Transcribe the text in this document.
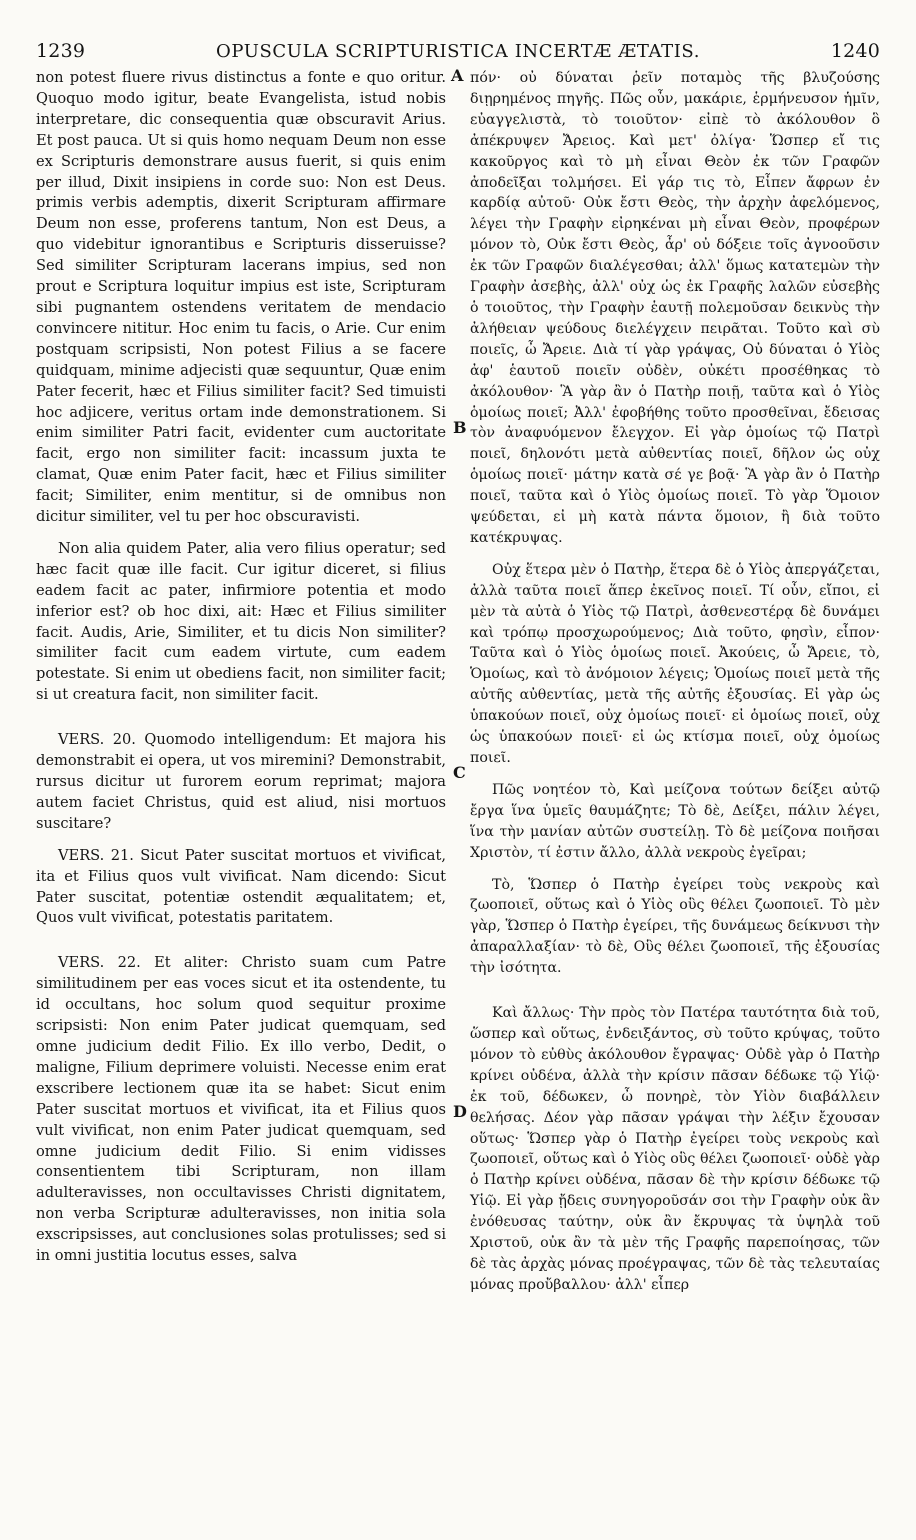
1239	OPUSCULA SCRIPTURISTICA INCERTÆ ÆTATIS.	1240
A
B
C
D

non potest fluere rivus distinctus a fonte e quo oritur. Quoquo modo igitur, beate Evangelista, istud nobis interpretare, dic consequentia quæ obscuravit Arius. Et post pauca. Ut si quis homo nequam Deum non esse ex Scripturis demonstrare ausus fuerit, si quis enim per illud, Dixit insipiens in corde suo: Non est Deus. primis verbis ademptis, dixerit Scripturam affirmare Deum non esse, proferens tantum, Non est Deus, a quo videbitur ignorantibus e Scripturis disseruisse? Sed similiter Scripturam lacerans impius, sed non prout e Scriptura loquitur impius est iste, Scripturam sibi pugnantem ostendens veritatem de mendacio convincere nititur. Hoc enim tu facis, o Arie. Cur enim postquam scripsisti, Non potest Filius a se facere quidquam, minime adjecisti quæ sequuntur, Quæ enim Pater fecerit, hæc et Filius similiter facit? Sed timuisti hoc adjicere, veritus ortam inde demonstrationem. Si enim similiter Patri facit, evidenter cum auctoritate facit, ergo non similiter facit: incassum juxta te clamat, Quæ enim Pater facit, hæc et Filius similiter facit; Similiter, enim mentitur, si de omnibus non dicitur similiter, vel tu per hoc obscuravisti.

Non alia quidem Pater, alia vero filius operatur; sed hæc facit quæ ille facit. Cur igitur diceret, si filius eadem facit ac pater, infirmiore potentia et modo inferior est? ob hoc dixi, ait: Hæc et Filius similiter facit. Audis, Arie, Similiter, et tu dicis Non similiter? similiter facit cum eadem virtute, cum eadem potestate. Si enim ut obediens facit, non similiter facit; si ut creatura facit, non similiter facit.

VERS. 20. Quomodo intelligendum: Et majora his demonstrabit ei opera, ut vos miremini? Demonstrabit, rursus dicitur ut furorem eorum reprimat; majora autem faciet Christus, quid est aliud, nisi mortuos suscitare?

VERS. 21. Sicut Pater suscitat mortuos et vivificat, ita et Filius quos vult vivificat. Nam dicendo: Sicut Pater suscitat, potentiæ ostendit æqualitatem; et, Quos vult vivificat, potestatis paritatem.

VERS. 22. Et aliter: Christo suam cum Patre similitudinem per eas voces sicut et ita ostendente, tu id occultans, hoc solum quod sequitur proxime scripsisti: Non enim Pater judicat quemquam, sed omne judicium dedit Filio. Ex illo verbo, Dedit, o maligne, Filium deprimere voluisti. Necesse enim erat exscribere lectionem quæ ita se habet: Sicut enim Pater suscitat mortuos et vivificat, ita et Filius quos vult vivificat, non enim Pater judicat quemquam, sed omne judicium dedit Filio. Si enim vidisses consentientem tibi Scripturam, non illam adulteravisses, non occultavisses Christi dignitatem, non verba Scripturæ adulteravisses, non initia sola exscripsisses, aut conclusiones solas protulisses; sed si in omni justitia locutus esses, salva

πόν· οὐ δύναται ῥεῖν ποταμὸς τῆς βλυζούσης διῃρημένος πηγῆς. Πῶς οὖν, μακάριε, ἑρμήνευσον ἡμῖν, εὐαγγελιστὰ, τὸ τοιοῦτον· εἰπὲ τὸ ἀκόλουθον ὃ ἀπέκρυψεν Ἄρειος. Καὶ μετ' ὀλίγα· Ὥσπερ εἴ τις κακοῦργος καὶ τὸ μὴ εἶναι Θεὸν ἐκ τῶν Γραφῶν ἀποδεῖξαι τολμήσει. Εἰ γάρ τις τὸ, Εἶπεν ἄφρων ἐν καρδίᾳ αὐτοῦ· Οὐκ ἔστι Θεὸς, τὴν ἀρχὴν ἀφελόμενος, λέγει τὴν Γραφὴν εἰρηκέναι μὴ εἶναι Θεὸν, προφέρων μόνον τὸ, Οὐκ ἔστι Θεὸς, ἆρ' οὐ δόξειε τοῖς ἀγνοοῦσιν ἐκ τῶν Γραφῶν διαλέγεσθαι; ἀλλ' ὅμως κατατεμὼν τὴν Γραφὴν ἀσεβὴς, ἀλλ' οὐχ ὡς ἐκ Γραφῆς λαλῶν εὐσεβὴς ὁ τοιοῦτος, τὴν Γραφὴν ἑαυτῇ πολεμοῦσαν δεικνὺς τὴν ἀλήθειαν ψεύδους διελέγχειν πειρᾶται. Τοῦτο καὶ σὺ ποιεῖς, ὦ Ἄρειε. Διὰ τί γὰρ γράψας, Οὐ δύναται ὁ Υἱὸς ἀφ' ἑαυτοῦ ποιεῖν οὐδὲν, οὐκέτι προσέθηκας τὸ ἀκόλουθον· Ἃ γὰρ ἂν ὁ Πατὴρ ποιῇ, ταῦτα καὶ ὁ Υἱὸς ὁμοίως ποιεῖ; Ἀλλ' ἐφοβήθης τοῦτο προσθεῖναι, ἔδεισας τὸν ἀναφυόμενον ἔλεγχον. Εἰ γὰρ ὁμοίως τῷ Πατρὶ ποιεῖ, δηλονότι μετὰ αὐθεντίας ποιεῖ, δῆλον ὡς οὐχ ὁμοίως ποιεῖ· μάτην κατὰ σέ γε βοᾷ· Ἃ γὰρ ἂν ὁ Πατὴρ ποιεῖ, ταῦτα καὶ ὁ Υἱὸς ὁμοίως ποιεῖ. Τὸ γὰρ Ὅμοιον ψεύδεται, εἰ μὴ κατὰ πάντα ὅμοιον, ἢ διὰ τοῦτο κατέκρυψας.

Οὐχ ἕτερα μὲν ὁ Πατὴρ, ἕτερα δὲ ὁ Υἱὸς ἀπεργάζεται, ἀλλὰ ταῦτα ποιεῖ ἅπερ ἐκεῖνος ποιεῖ. Τί οὖν, εἴποι, εἰ μὲν τὰ αὐτὰ ὁ Υἱὸς τῷ Πατρὶ, ἀσθενεστέρᾳ δὲ δυνάμει καὶ τρόπῳ προσχωρούμενος; Διὰ τοῦτο, φησὶν, εἶπον· Ταῦτα καὶ ὁ Υἱὸς ὁμοίως ποιεῖ. Ἀκούεις, ὦ Ἄρειε, τὸ, Ὁμοίως, καὶ τὸ ἀνόμοιον λέγεις; Ὁμοίως ποιεῖ μετὰ τῆς αὐτῆς αὐθεντίας, μετὰ τῆς αὐτῆς ἐξουσίας. Εἰ γὰρ ὡς ὑπακούων ποιεῖ, οὐχ ὁμοίως ποιεῖ· εἰ ὁμοίως ποιεῖ, οὐχ ὡς ὑπακούων ποιεῖ· εἰ ὡς κτίσμα ποιεῖ, οὐχ ὁμοίως ποιεῖ.

Πῶς νοητέον τὸ, Καὶ μείζονα τούτων δείξει αὐτῷ ἔργα ἵνα ὑμεῖς θαυμάζητε; Τὸ δὲ, Δείξει, πάλιν λέγει, ἵνα τὴν μανίαν αὐτῶν συστείλῃ. Τὸ δὲ μείζονα ποιῆσαι Χριστὸν, τί ἐστιν ἄλλο, ἀλλὰ νεκροὺς ἐγεῖραι;

Τὸ, Ὥσπερ ὁ Πατὴρ ἐγείρει τοὺς νεκροὺς καὶ ζωοποιεῖ, οὕτως καὶ ὁ Υἱὸς οὓς θέλει ζωοποιεῖ. Τὸ μὲν γὰρ, Ὥσπερ ὁ Πατὴρ ἐγείρει, τῆς δυνάμεως δείκνυσι τὴν ἀπαραλλαξίαν· τὸ δὲ, Οὓς θέλει ζωοποιεῖ, τῆς ἐξουσίας τὴν ἰσότητα.

Καὶ ἄλλως· Τὴν πρὸς τὸν Πατέρα ταυτότητα διὰ τοῦ, ὥσπερ καὶ οὕτως, ἐνδειξάντος, σὺ τοῦτο κρύψας, τοῦτο μόνον τὸ εὐθὺς ἀκόλουθον ἔγραψας· Οὐδὲ γὰρ ὁ Πατὴρ κρίνει οὐδένα, ἀλλὰ τὴν κρίσιν πᾶσαν δέδωκε τῷ Υἱῷ· ἐκ τοῦ, δέδωκεν, ὦ πονηρὲ, τὸν Υἱὸν διαβάλλειν θελήσας. Δέον γὰρ πᾶσαν γράψαι τὴν λέξιν ἔχουσαν οὕτως· Ὥσπερ γὰρ ὁ Πατὴρ ἐγείρει τοὺς νεκροὺς καὶ ζωοποιεῖ, οὕτως καὶ ὁ Υἱὸς οὓς θέλει ζωοποιεῖ· οὐδὲ γὰρ ὁ Πατὴρ κρίνει οὐδένα, πᾶσαν δὲ τὴν κρίσιν δέδωκε τῷ Υἱῷ. Εἰ γὰρ ᾔδεις συνηγοροῦσάν σοι τὴν Γραφὴν οὐκ ἂν ἐνόθευσας ταύτην, οὐκ ἂν ἔκρυψας τὰ ὑψηλὰ τοῦ Χριστοῦ, οὐκ ἂν τὰ μὲν τῆς Γραφῆς παρεποίησας, τῶν δὲ τὰς ἀρχὰς μόνας προέγραψας, τῶν δὲ τὰς τελευταίας μόνας προὔβαλλου· ἀλλ' εἶπερ
